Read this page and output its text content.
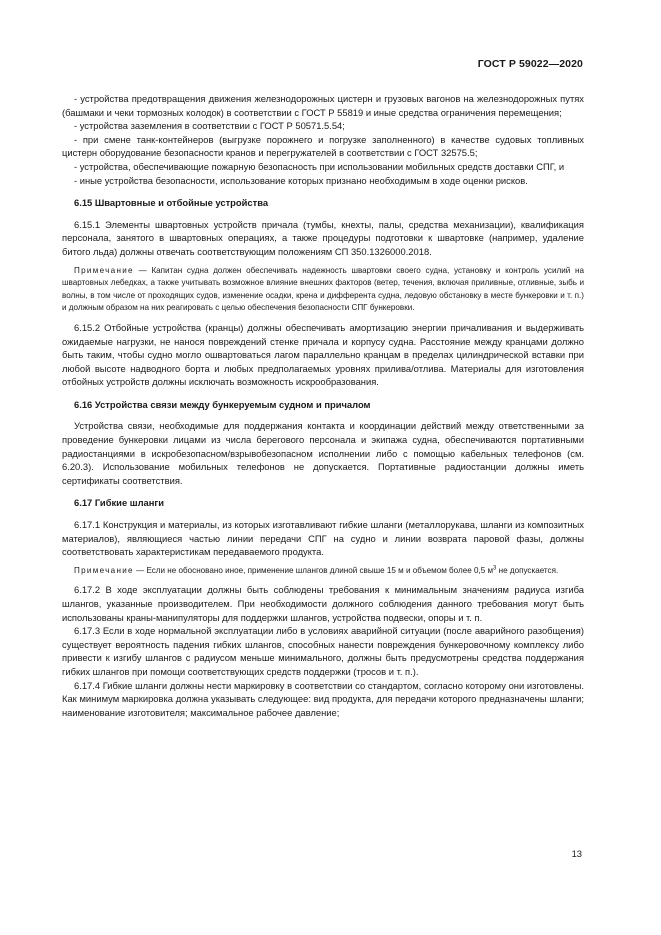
ГОСТ Р 59022—2020

- устройства предотвращения движения железнодорожных цистерн и грузовых вагонов на железнодорожных путях (башмаки и чеки тормозных колодок) в соответствии с ГОСТ Р 55819 и иные средства ограничения перемещения;

- устройства заземления в соответствии с ГОСТ Р 50571.5.54;

- при смене танк-контейнеров (выгрузке порожнего и погрузке заполненного) в качестве судовых топливных цистерн оборудование безопасности кранов и перегружателей в соответствии с ГОСТ 32575.5;

- устройства, обеспечивающие пожарную безопасность при использовании мобильных средств доставки СПГ, и

- иные устройства безопасности, использование которых признано необходимым в ходе оценки рисков.

6.15 Швартовные и отбойные устройства

6.15.1 Элементы швартовных устройств причала (тумбы, кнехты, палы, средства механизации), квалификация персонала, занятого в швартовных операциях, а также процедуры подготовки к швартовке (например, удаление битого льда) должны отвечать соответствующим положениям СП 350.1326000.2018.

Примечание — Капитан судна должен обеспечивать надежность швартовки своего судна, установку и контроль усилий на швартовных лебедках, а также учитывать возможное влияние внешних факторов (ветер, течения, включая приливные, отливные, зыбь и волны, в том числе от проходящих судов, изменение осадки, крена и дифферента судна, ледовую обстановку в месте бункеровки и т. п.) и должным образом на них реагировать с целью обеспечения безопасности СПГ бункеровки.

6.15.2 Отбойные устройства (кранцы) должны обеспечивать амортизацию энергии причаливания и выдерживать ожидаемые нагрузки, не нанося повреждений стенке причала и корпусу судна. Расстояние между кранцами должно быть таким, чтобы судно могло ошвартоваться лагом параллельно кранцам в пределах цилиндрической вставки при любой высоте надводного борта и любых предполагаемых уровнях прилива/отлива. Материалы для изготовления отбойных устройств должны исключать возможность искрообразования.

6.16 Устройства связи между бункеруемым судном и причалом

Устройства связи, необходимые для поддержания контакта и координации действий между ответственными за проведение бункеровки лицами из числа берегового персонала и экипажа судна, обеспечиваются портативными радиостанциями в искробезопасном/взрывобезопасном исполнении либо с помощью кабельных телефонов (см. 6.20.3). Использование мобильных телефонов не допускается. Портативные радиостанции должны иметь сертификаты соответствия.

6.17 Гибкие шланги

6.17.1 Конструкция и материалы, из которых изготавливают гибкие шланги (металлорукава, шланги из композитных материалов), являющиеся частью линии передачи СПГ на судно и линии возврата паровой фазы, должны соответствовать характеристикам передаваемого продукта.

Примечание — Если не обосновано иное, применение шлангов длиной свыше 15 м и объемом более 0,5 $м^3$ не допускается.

6.17.2 В ходе эксплуатации должны быть соблюдены требования к минимальным значениям радиуса изгиба шлангов, указанные производителем. При необходимости должного соблюдения данного требования могут быть использованы краны-манипуляторы для поддержки шлангов, устройства подвески, опоры и т. п.

6.17.3 Если в ходе нормальной эксплуатации либо в условиях аварийной ситуации (после аварийного разобщения) существует вероятность падения гибких шлангов, способных нанести повреждения бункеровочному комплексу либо привести к изгибу шлангов с радиусом меньше минимального, должны быть предусмотрены средства поддержания гибких шлангов при помощи соответствующих средств поддержки (тросов и т. п.).

6.17.4 Гибкие шланги должны нести маркировку в соответствии со стандартом, согласно которому они изготовлены. Как минимум маркировка должна указывать следующее: вид продукта, для передачи которого предназначены шланги; наименование изготовителя; максимальное рабочее давление;

13
